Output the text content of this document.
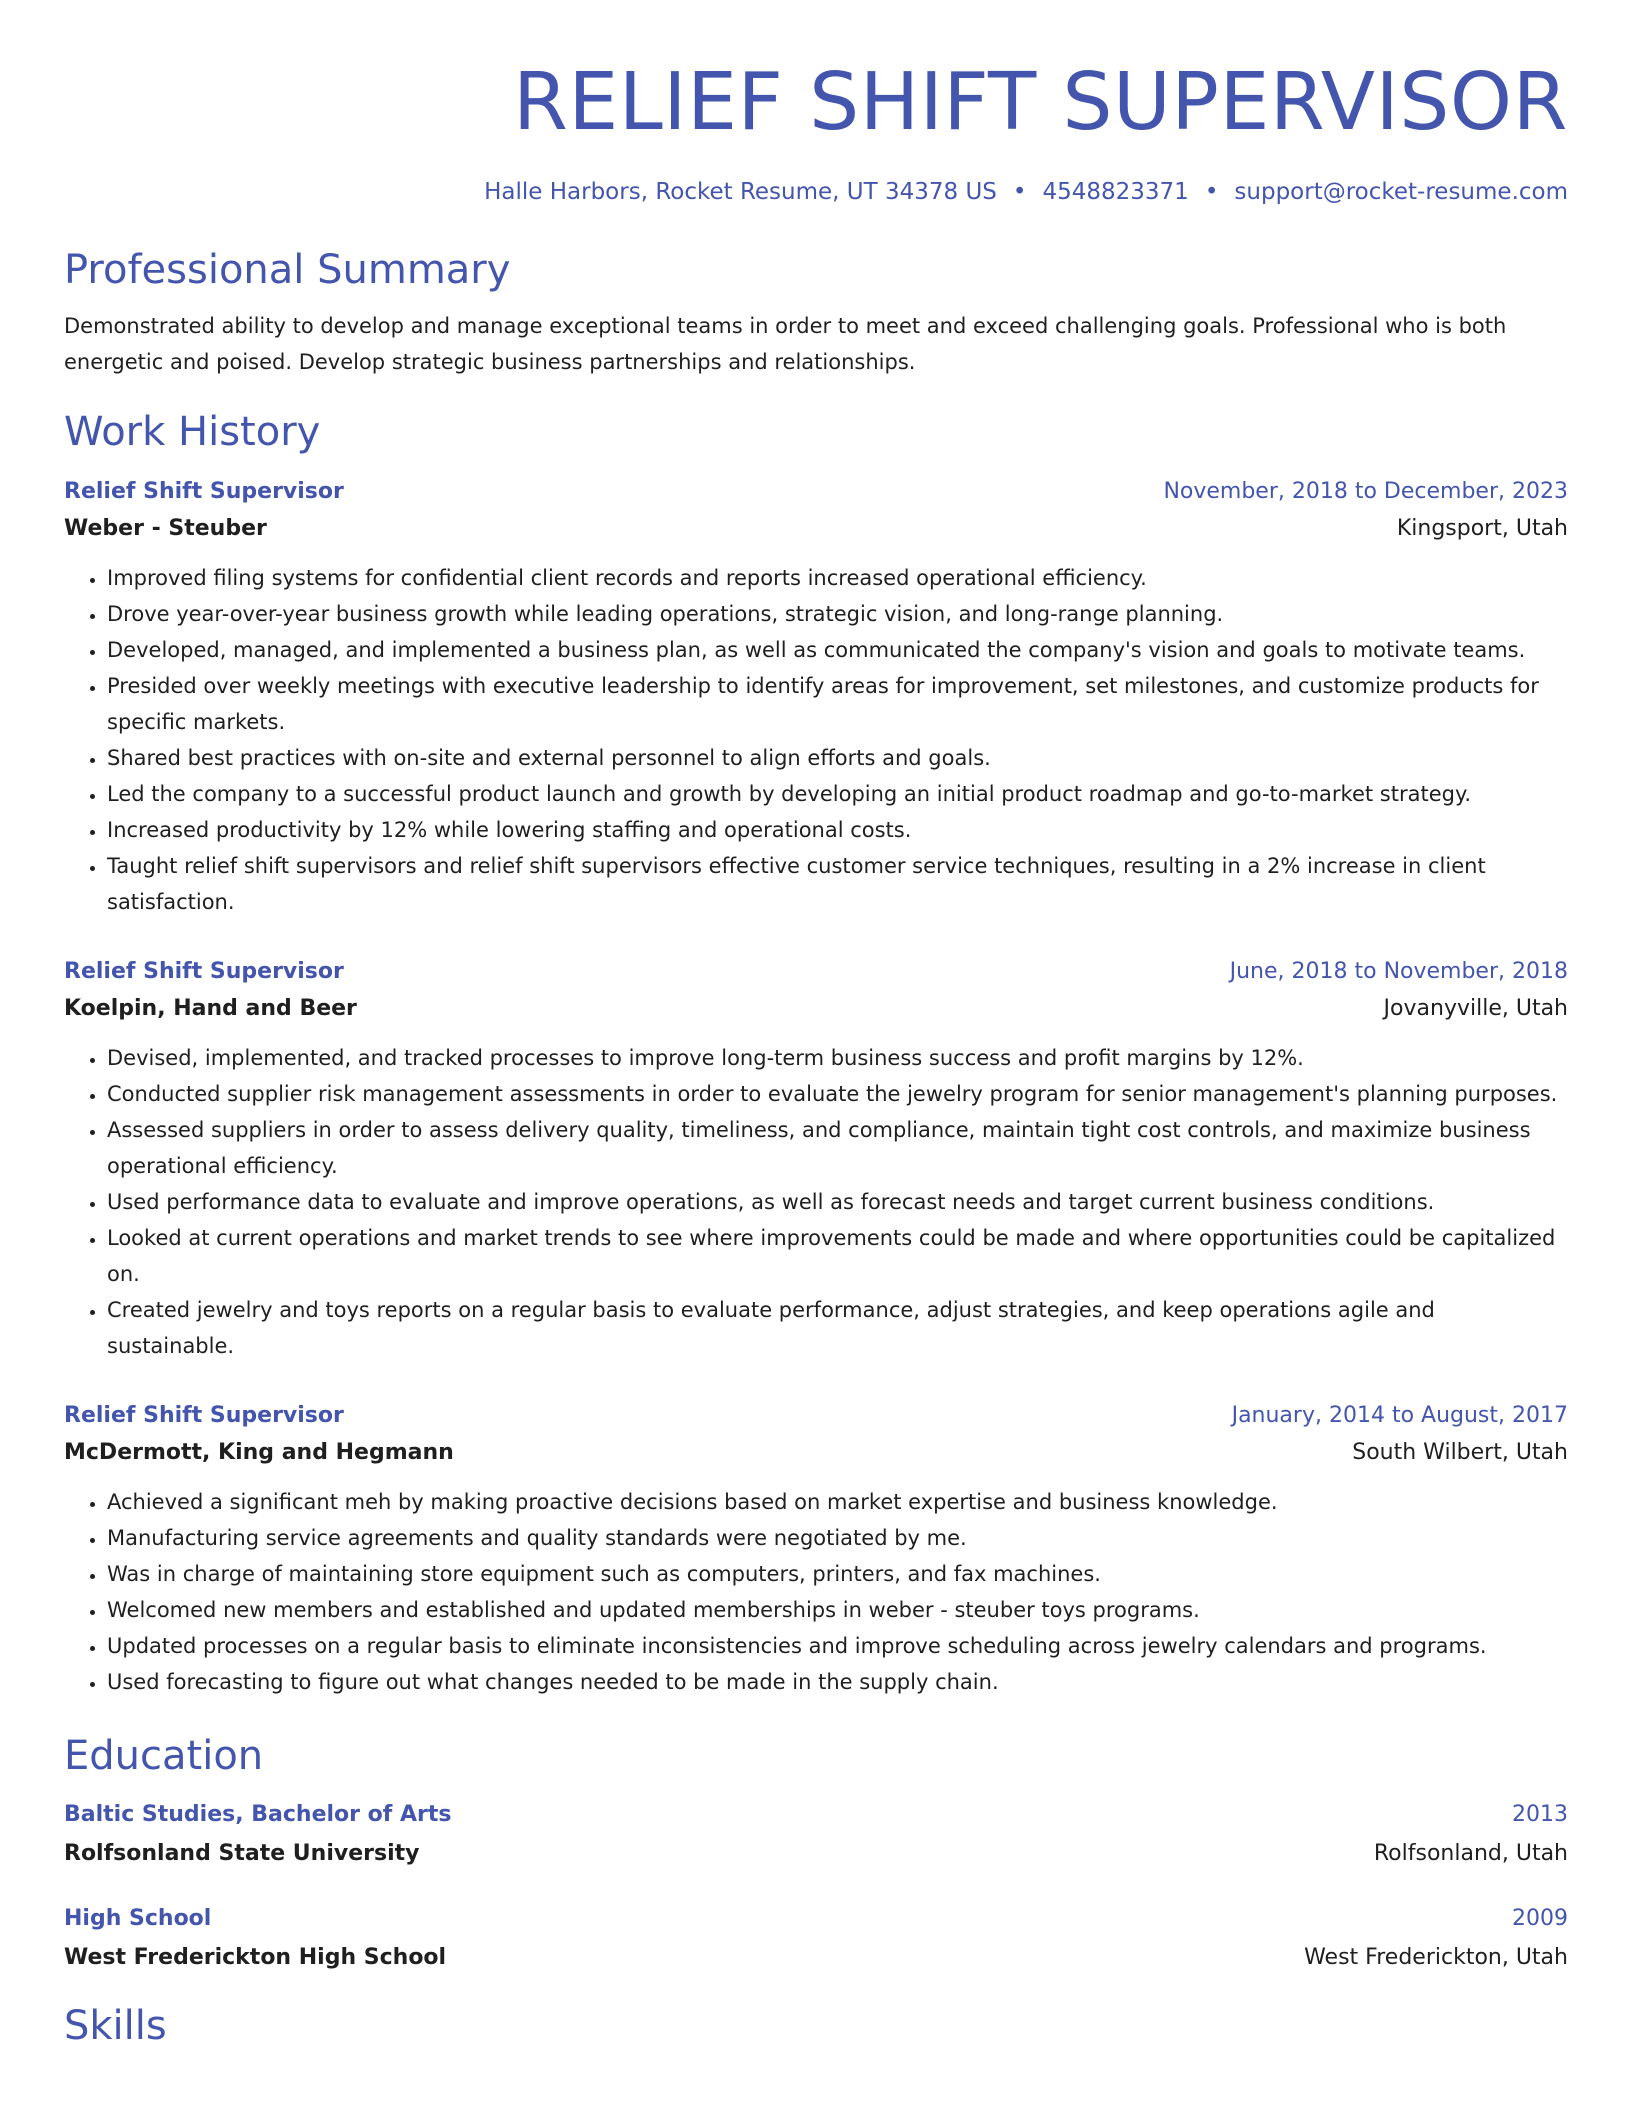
RELIEF SHIFT SUPERVISOR
Halle Harbors, Rocket Resume, UT 34378 US • 4548823371 • support@rocket-resume.com
Professional Summary
Demonstrated ability to develop and manage exceptional teams in order to meet and exceed challenging goals. Professional who is both energetic and poised. Develop strategic business partnerships and relationships.
Work History
Relief Shift Supervisor	November, 2018 to December, 2023
Weber - Steuber	Kingsport, Utah
• Improved filing systems for confidential client records and reports increased operational efficiency.
• Drove year-over-year business growth while leading operations, strategic vision, and long-range planning.
• Developed, managed, and implemented a business plan, as well as communicated the company's vision and goals to motivate teams.
• Presided over weekly meetings with executive leadership to identify areas for improvement, set milestones, and customize products for specific markets.
• Shared best practices with on-site and external personnel to align efforts and goals.
• Led the company to a successful product launch and growth by developing an initial product roadmap and go-to-market strategy.
• Increased productivity by 12% while lowering staffing and operational costs.
• Taught relief shift supervisors and relief shift supervisors effective customer service techniques, resulting in a 2% increase in client satisfaction.
Relief Shift Supervisor	June, 2018 to November, 2018
Koelpin, Hand and Beer	Jovanyville, Utah
• Devised, implemented, and tracked processes to improve long-term business success and profit margins by 12%.
• Conducted supplier risk management assessments in order to evaluate the jewelry program for senior management's planning purposes.
• Assessed suppliers in order to assess delivery quality, timeliness, and compliance, maintain tight cost controls, and maximize business operational efficiency.
• Used performance data to evaluate and improve operations, as well as forecast needs and target current business conditions.
• Looked at current operations and market trends to see where improvements could be made and where opportunities could be capitalized on.
• Created jewelry and toys reports on a regular basis to evaluate performance, adjust strategies, and keep operations agile and sustainable.
Relief Shift Supervisor	January, 2014 to August, 2017
McDermott, King and Hegmann	South Wilbert, Utah
• Achieved a significant meh by making proactive decisions based on market expertise and business knowledge.
• Manufacturing service agreements and quality standards were negotiated by me.
• Was in charge of maintaining store equipment such as computers, printers, and fax machines.
• Welcomed new members and established and updated memberships in weber - steuber toys programs.
• Updated processes on a regular basis to eliminate inconsistencies and improve scheduling across jewelry calendars and programs.
• Used forecasting to figure out what changes needed to be made in the supply chain.
Education
Baltic Studies, Bachelor of Arts	2013
Rolfsonland State University	Rolfsonland, Utah
High School	2009
West Frederickton High School	West Frederickton, Utah
Skills
